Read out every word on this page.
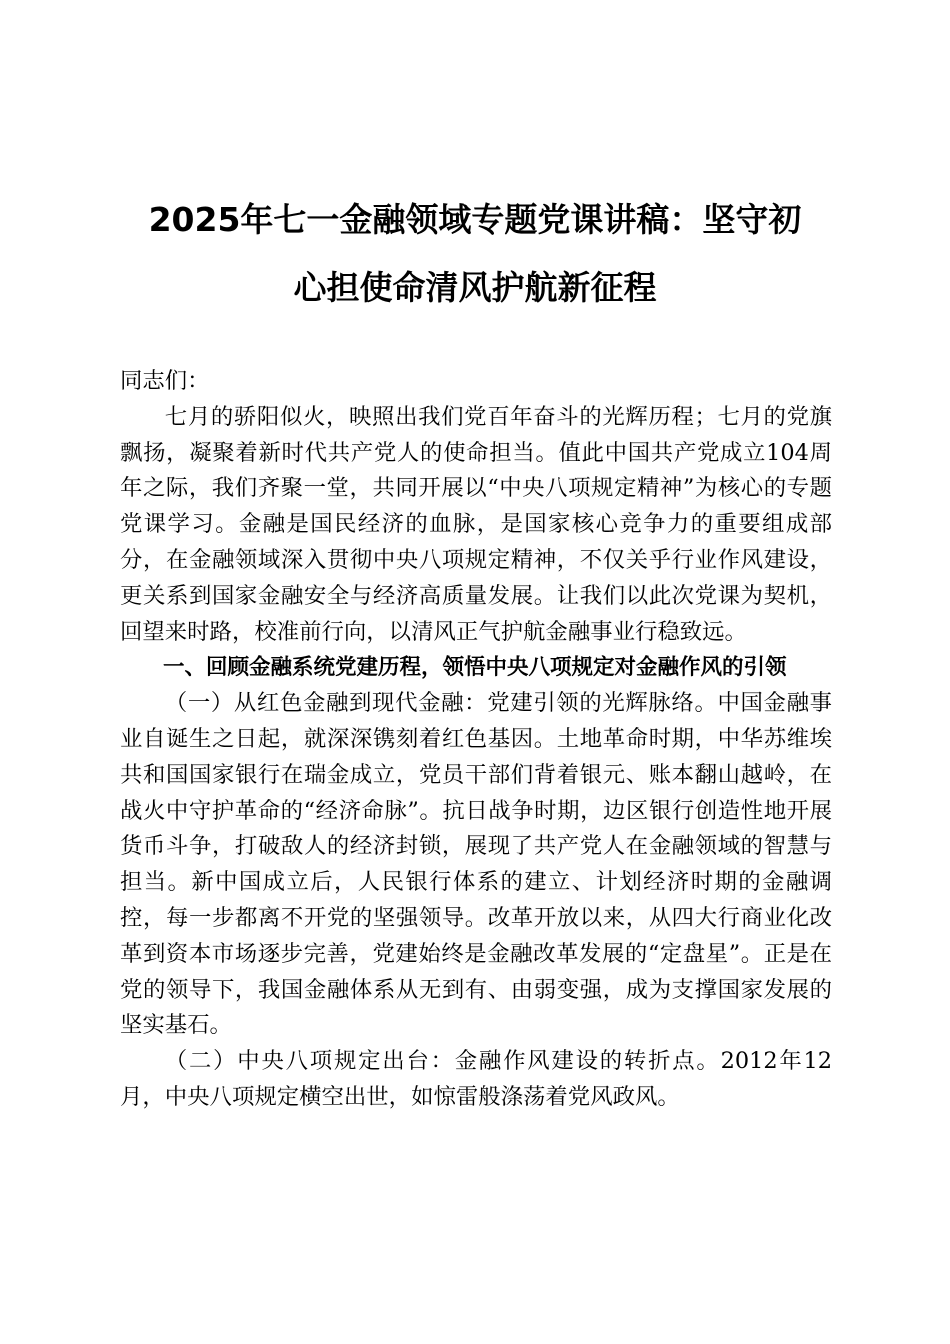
2025年七一金融领域专题党课讲稿：坚守初
心担使命清风护航新征程

同志们：

七月的骄阳似火，映照出我们党百年奋斗的光辉历程；七月的党旗飘扬，凝聚着新时代共产党人的使命担当。值此中国共产党成立104周年之际，我们齐聚一堂，共同开展以“中央八项规定精神”为核心的专题党课学习。金融是国民经济的血脉，是国家核心竞争力的重要组成部分，在金融领域深入贯彻中央八项规定精神，不仅关乎行业作风建设，更关系到国家金融安全与经济高质量发展。让我们以此次党课为契机，回望来时路，校准前行向，以清风正气护航金融事业行稳致远。

一、回顾金融系统党建历程，领悟中央八项规定对金融作风的引领

（一）从红色金融到现代金融：党建引领的光辉脉络。中国金融事业自诞生之日起，就深深镌刻着红色基因。土地革命时期，中华苏维埃共和国国家银行在瑞金成立，党员干部们背着银元、账本翻山越岭，在战火中守护革命的“经济命脉”。抗日战争时期，边区银行创造性地开展货币斗争，打破敌人的经济封锁，展现了共产党人在金融领域的智慧与担当。新中国成立后，人民银行体系的建立、计划经济时期的金融调控，每一步都离不开党的坚强领导。改革开放以来，从四大行商业化改革到资本市场逐步完善，党建始终是金融改革发展的“定盘星”。正是在党的领导下，我国金融体系从无到有、由弱变强，成为支撑国家发展的坚实基石。

（二）中央八项规定出台：金融作风建设的转折点。2012年12月，中央八项规定横空出世，如惊雷般涤荡着党风政风。
